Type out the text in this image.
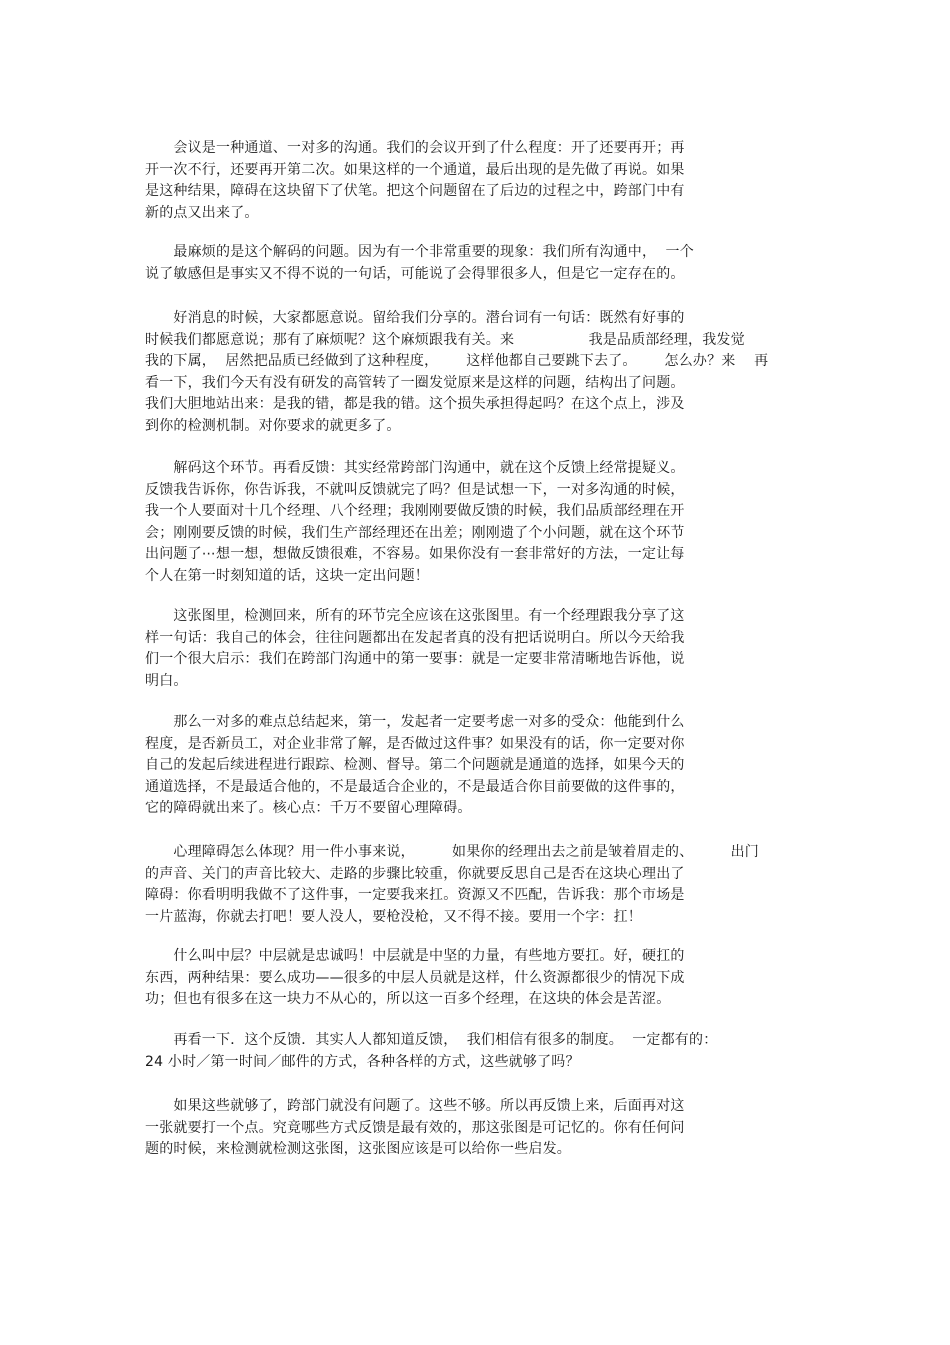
　　会议是一种通道、一对多的沟通。我们的会议开到了什么程度：开了还要再开；再
开一次不行，还要再开第二次。如果这样的一个通道，最后出现的是先做了再说。如果
是这种结果，障碍在这块留下了伏笔。把这个问题留在了后边的过程之中，跨部门中有
新的点又出来了。
　　最麻烦的是这个解码的问题。因为有一个非常重要的现象：我们所有沟通中，  一个
说了敏感但是事实又不得不说的一句话，可能说了会得罪很多人，但是它一定存在的。
　　好消息的时候，大家都愿意说。留给我们分享的。潜台词有一句话：既然有好事的
时候我们都愿意说；那有了麻烦呢？这个麻烦跟我有关。来                我是品质部经理，我发觉
我的下属，  居然把品质已经做到了这种程度，      这样他都自己要跳下去了。      怎么办？来    再
看一下，我们今天有没有研发的高管转了一圈发觉原来是这样的问题，结构出了问题。
我们大胆地站出来：是我的错，都是我的错。这个损失承担得起吗？在这个点上，涉及
到你的检测机制。对你要求的就更多了。
　　解码这个环节。再看反馈：其实经常跨部门沟通中，就在这个反馈上经常提疑义。
反馈我告诉你，你告诉我，不就叫反馈就完了吗？但是试想一下，一对多沟通的时候，
我一个人要面对十几个经理、八个经理；我刚刚要做反馈的时候，我们品质部经理在开
会；刚刚要反馈的时候，我们生产部经理还在出差；刚刚遗了个小问题，就在这个环节
出问题了⋯想一想，想做反馈很难，不容易。如果你没有一套非常好的方法，一定让每
个人在第一时刻知道的话，这块一定出问题！
　　这张图里，检测回来，所有的环节完全应该在这张图里。有一个经理跟我分享了这
样一句话：我自己的体会，往往问题都出在发起者真的没有把话说明白。所以今天给我
们一个很大启示：我们在跨部门沟通中的第一要事：就是一定要非常清晰地告诉他，说
明白。
　　那么一对多的难点总结起来，第一，发起者一定要考虑一对多的受众：他能到什么
程度，是否新员工，对企业非常了解，是否做过这件事？如果没有的话，你一定要对你
自己的发起后续进程进行跟踪、检测、督导。第二个问题就是通道的选择，如果今天的
通道选择，不是最适合他的，不是最适合企业的，不是最适合你目前要做的这件事的，
它的障碍就出来了。核心点：千万不要留心理障碍。
　　心理障碍怎么体现？用一件小事来说，        如果你的经理出去之前是皱着眉走的、        出门
的声音、关门的声音比较大、走路的步骤比较重，你就要反思自己是否在这块心理出了
障碍：你看明明我做不了这件事，一定要我来扛。资源又不匹配，告诉我：那个市场是
一片蓝海，你就去打吧！要人没人，要枪没枪，又不得不接。要用一个字：扛！
　　什么叫中层？中层就是忠诚吗！中层就是中坚的力量，有些地方要扛。好，硬扛的
东西，两种结果：要么成功——很多的中层人员就是这样，什么资源都很少的情况下成
功；但也有很多在这一块力不从心的，所以这一百多个经理，在这块的体会是苦涩。
　　再看一下．这个反馈．其实人人都知道反馈，  我们相信有很多的制度。  一定都有的：
24 小时／第一时间／邮件的方式，各种各样的方式，这些就够了吗？
　　如果这些就够了，跨部门就没有问题了。这些不够。所以再反馈上来，后面再对这
一张就要打一个点。究竟哪些方式反馈是最有效的，那这张图是可记忆的。你有任何问
题的时候，来检测就检测这张图，这张图应该是可以给你一些启发。
